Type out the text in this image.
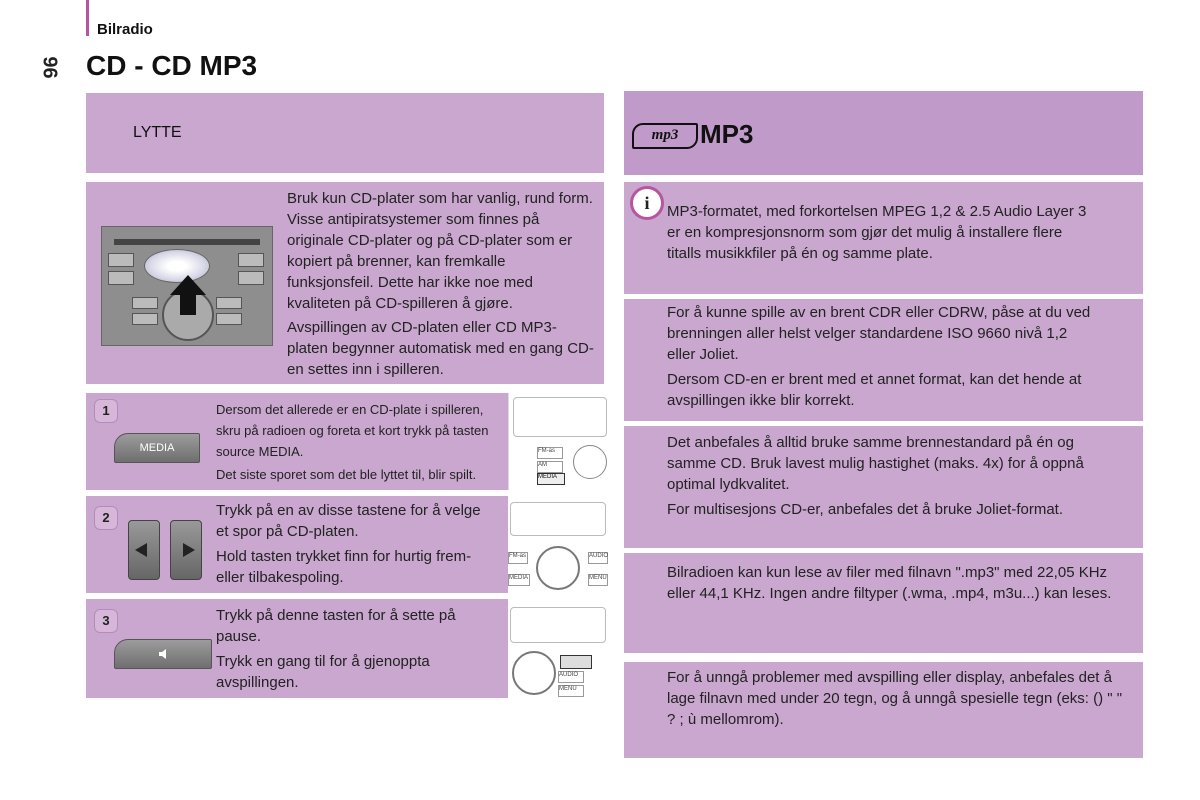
Bilradio
96 CD - CD MP3
LYTTE
Bruk kun CD-plater som har vanlig, rund form. Visse antipiratsystemer som finnes på originale CD-plater og på CD-plater som er kopiert på brenner, kan fremkalle funksjonsfeil. Dette har ikke noe med kvaliteten på CD-spilleren å gjøre.
Avspillingen av CD-platen eller CD MP3-platen begynner automatisk med en gang CD-en settes inn i spilleren.
1
MEDIA
Dersom det allerede er en CD-plate i spilleren, skru på radioen og foreta et kort trykk på tasten source MEDIA.
Det siste sporet som det ble lyttet til, blir spilt.
FM-as
AM
MEDIA
2	Trykk på en av disse tastene for å velge et spor på CD-platen.
Hold tasten trykket finn for hurtig frem- eller tilbakespoling.
FM-as
MEDIA
AUDIO
MENU
3	Trykk på denne tasten for å sette på pause.
Trykk en gang til for å gjenoppta avspillingen.	AUDIO
MENU
mp3 MP3
i	MP3-formatet, med forkortelsen MPEG 1,2 & 2.5 Audio Layer 3 er en kompresjonsnorm som gjør det mulig å installere flere titalls musikkfiler på én og samme plate.
For å kunne spille av en brent CDR eller CDRW, påse at du ved brenningen aller helst velger standardene ISO 9660 nivå 1,2 eller Joliet.
Dersom CD-en er brent med et annet format, kan det hende at avspillingen ikke blir korrekt.
Det anbefales å alltid bruke samme brennestandard på én og samme CD. Bruk lavest mulig hastighet (maks. 4x) for å oppnå optimal lydkvalitet.
For multisesjons CD-er, anbefales det å bruke Joliet-format.
Bilradioen kan kun lese av filer med filnavn ".mp3" med 22,05 KHz eller 44,1 KHz. Ingen andre filtyper (.wma, .mp4, m3u...) kan leses.
For å unngå problemer med avspilling eller display, anbefales det å lage filnavn med under 20 tegn, og å unngå spesielle tegn (eks: () " " ? ; ù mellomrom).
